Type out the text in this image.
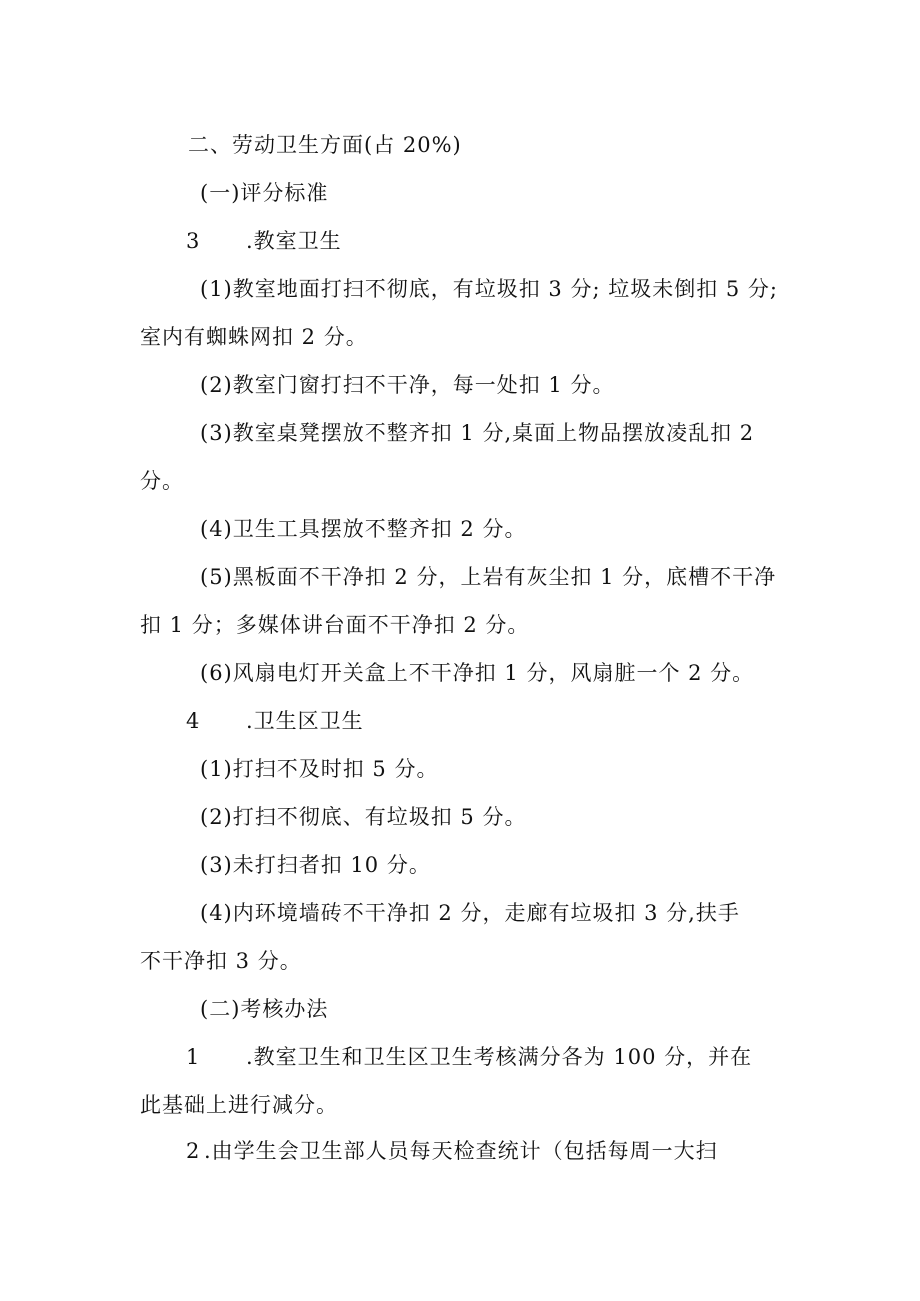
二、劳动卫生方面(占 20%)
(一)评分标准
3 .教室卫生
(1)教室地面打扫不彻底，有垃圾扣 3 分; 垃圾未倒扣 5 分;
室内有蜘蛛网扣 2 分。
(2)教室门窗打扫不干净，每一处扣 1 分。
(3)教室桌凳摆放不整齐扣 1 分,桌面上物品摆放凌乱扣 2
分。
(4)卫生工具摆放不整齐扣 2 分。
(5)黑板面不干净扣 2 分，上岩有灰尘扣 1 分，底槽不干净
扣 1 分；多媒体讲台面不干净扣 2 分。
(6)风扇电灯开关盒上不干净扣 1 分，风扇脏一个 2 分。
4 .卫生区卫生
(1)打扫不及时扣 5 分。
(2)打扫不彻底、有垃圾扣 5 分。
(3)未打扫者扣 10 分。
(4)内环境墙砖不干净扣 2 分，走廊有垃圾扣 3 分,扶手
不干净扣 3 分。
(二)考核办法
1 .教室卫生和卫生区卫生考核满分各为 100 分，并在
此基础上进行减分。
2 .由学生会卫生部人员每天检查统计（包括每周一大扫
